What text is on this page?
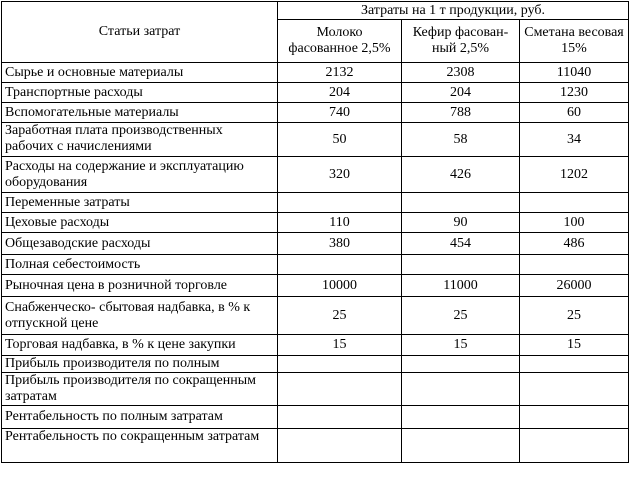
Статьи затрат	Затраты на 1 т продукции, руб.		
	Молоко фасованное 2,5%	Кефир фасован-ный 2,5%	Сметана весовая 15%
Сырье и основные материалы	2132	2308	11040
Транспортные расходы	204	204	1230
Вспомогательные материалы	740	788	60

Заработная плата производственных рабочих с начислениями	50	58	34
Расходы на содержание и эксплуатацию оборудования	320	426	1202
Переменные затраты			
Цеховые расходы	110	90	100
Общезаводские расходы	380	454	486
Полная себестоимость			
Рыночная цена в розничной торговле	10000	11000	26000
Снабженческо- сбытовая надбавка, в % к отпускной цене	25	25	25
Торговая надбавка, в % к цене закупки	15	15	15

Прибыль производителя по полным			

Прибыль производителя по сокращенным затратам			

Рентабельность по полным затратам			

Рентабельность по сокращенным затратам			
